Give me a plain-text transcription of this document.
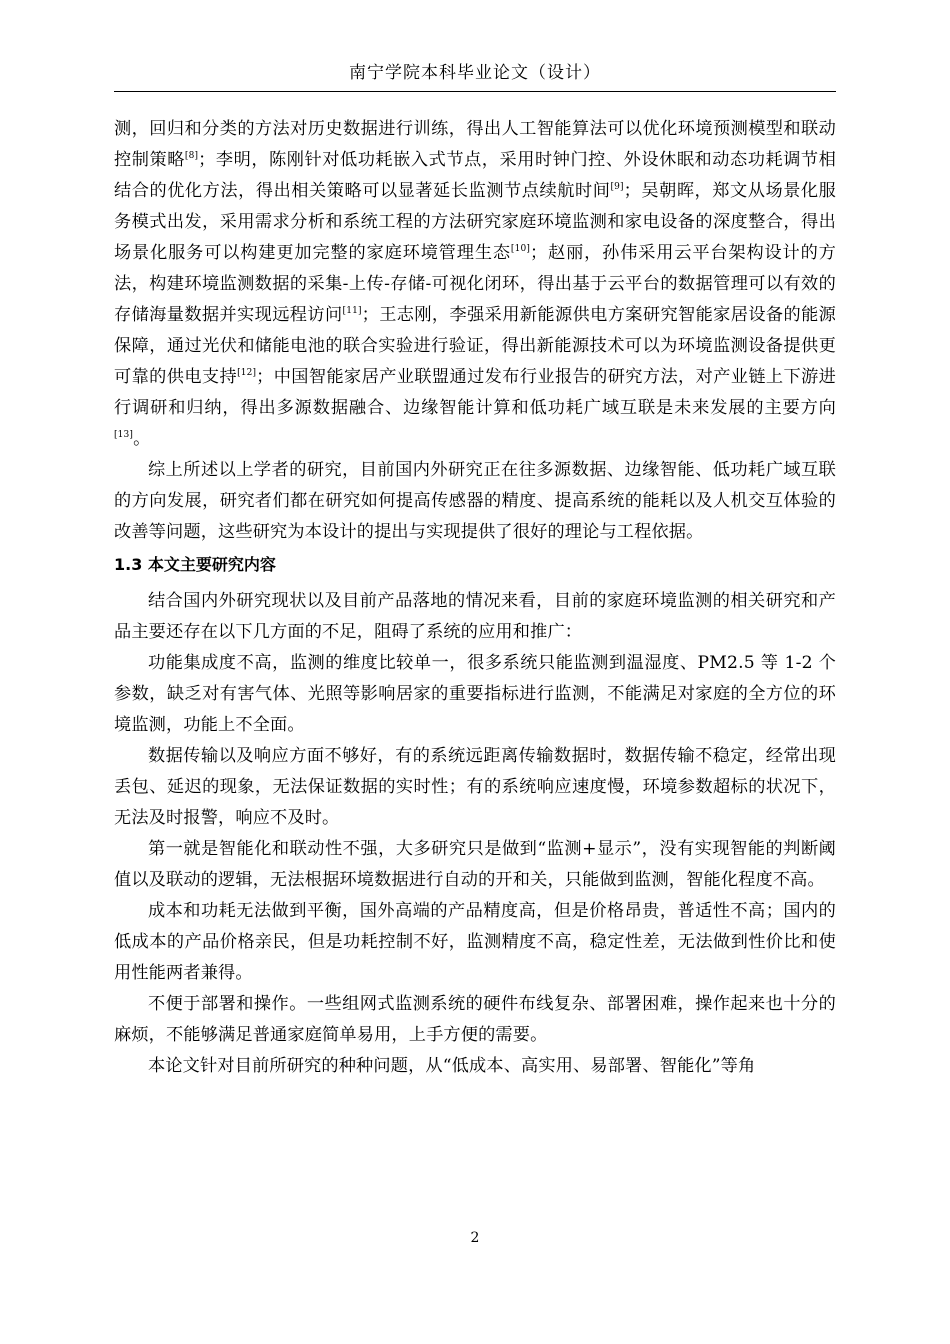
南宁学院本科毕业论文（设计）

测，回归和分类的方法对历史数据进行训练，得出人工智能算法可以优化环境预测模型和联动控制策略[8]；李明，陈刚针对低功耗嵌入式节点，采用时钟门控、外设休眠和动态功耗调节相结合的优化方法，得出相关策略可以显著延长监测节点续航时间[9]；吴朝晖，郑文从场景化服务模式出发，采用需求分析和系统工程的方法研究家庭环境监测和家电设备的深度整合，得出场景化服务可以构建更加完整的家庭环境管理生态[10]；赵丽，孙伟采用云平台架构设计的方法，构建环境监测数据的采集-上传-存储-可视化闭环，得出基于云平台的数据管理可以有效的存储海量数据并实现远程访问[11]；王志刚，李强采用新能源供电方案研究智能家居设备的能源保障，通过光伏和储能电池的联合实验进行验证，得出新能源技术可以为环境监测设备提供更可靠的供电支持[12]；中国智能家居产业联盟通过发布行业报告的研究方法，对产业链上下游进行调研和归纳，得出多源数据融合、边缘智能计算和低功耗广域互联是未来发展的主要方向[13]。

综上所述以上学者的研究，目前国内外研究正在往多源数据、边缘智能、低功耗广域互联的方向发展，研究者们都在研究如何提高传感器的精度、提高系统的能耗以及人机交互体验的改善等问题，这些研究为本设计的提出与实现提供了很好的理论与工程依据。

1.3 本文主要研究内容

结合国内外研究现状以及目前产品落地的情况来看，目前的家庭环境监测的相关研究和产品主要还存在以下几方面的不足，阻碍了系统的应用和推广：

功能集成度不高，监测的维度比较单一，很多系统只能监测到温湿度、PM2.5 等 1-2 个参数，缺乏对有害气体、光照等影响居家的重要指标进行监测，不能满足对家庭的全方位的环境监测，功能上不全面。

数据传输以及响应方面不够好，有的系统远距离传输数据时，数据传输不稳定，经常出现丢包、延迟的现象，无法保证数据的实时性；有的系统响应速度慢，环境参数超标的状况下，无法及时报警，响应不及时。

第一就是智能化和联动性不强，大多研究只是做到“监测+显示”，没有实现智能的判断阈值以及联动的逻辑，无法根据环境数据进行自动的开和关，只能做到监测，智能化程度不高。

成本和功耗无法做到平衡，国外高端的产品精度高，但是价格昂贵，普适性不高；国内的低成本的产品价格亲民，但是功耗控制不好，监测精度不高，稳定性差，无法做到性价比和使用性能两者兼得。

不便于部署和操作。一些组网式监测系统的硬件布线复杂、部署困难，操作起来也十分的麻烦，不能够满足普通家庭简单易用，上手方便的需要。

本论文针对目前所研究的种种问题，从“低成本、高实用、易部署、智能化”等角

2
